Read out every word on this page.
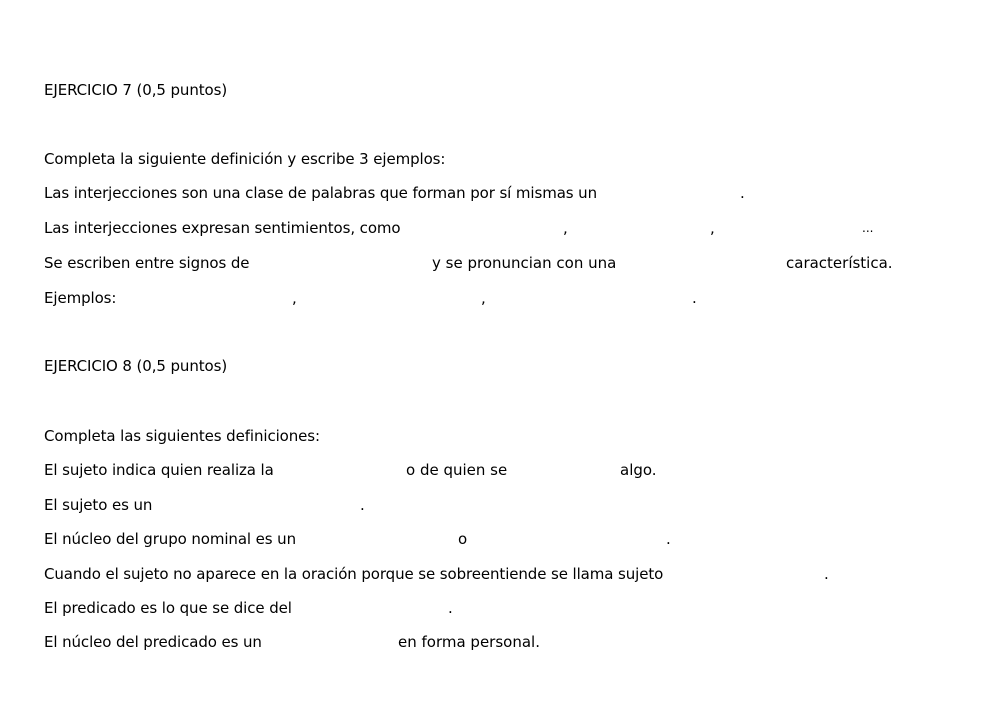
EJERCICIO 7 (0,5 puntos)
Completa la siguiente definición y escribe 3 ejemplos:
Las interjecciones son una clase de palabras que forman por sí mismas un	.
Las interjecciones expresan sentimientos, como	,	,	...
Se escriben entre signos de	y se pronuncian con una	característica.
Ejemplos:	,	,	.
EJERCICIO 8 (0,5 puntos)
Completa las siguientes definiciones:
El sujeto indica quien realiza la	o de quien se	algo.
El sujeto es un	.
El núcleo del grupo nominal es un	o	.
Cuando el sujeto no aparece en la oración porque se sobreentiende se llama sujeto	.
El predicado es lo que se dice del	.
El núcleo del predicado es un	en forma personal.
